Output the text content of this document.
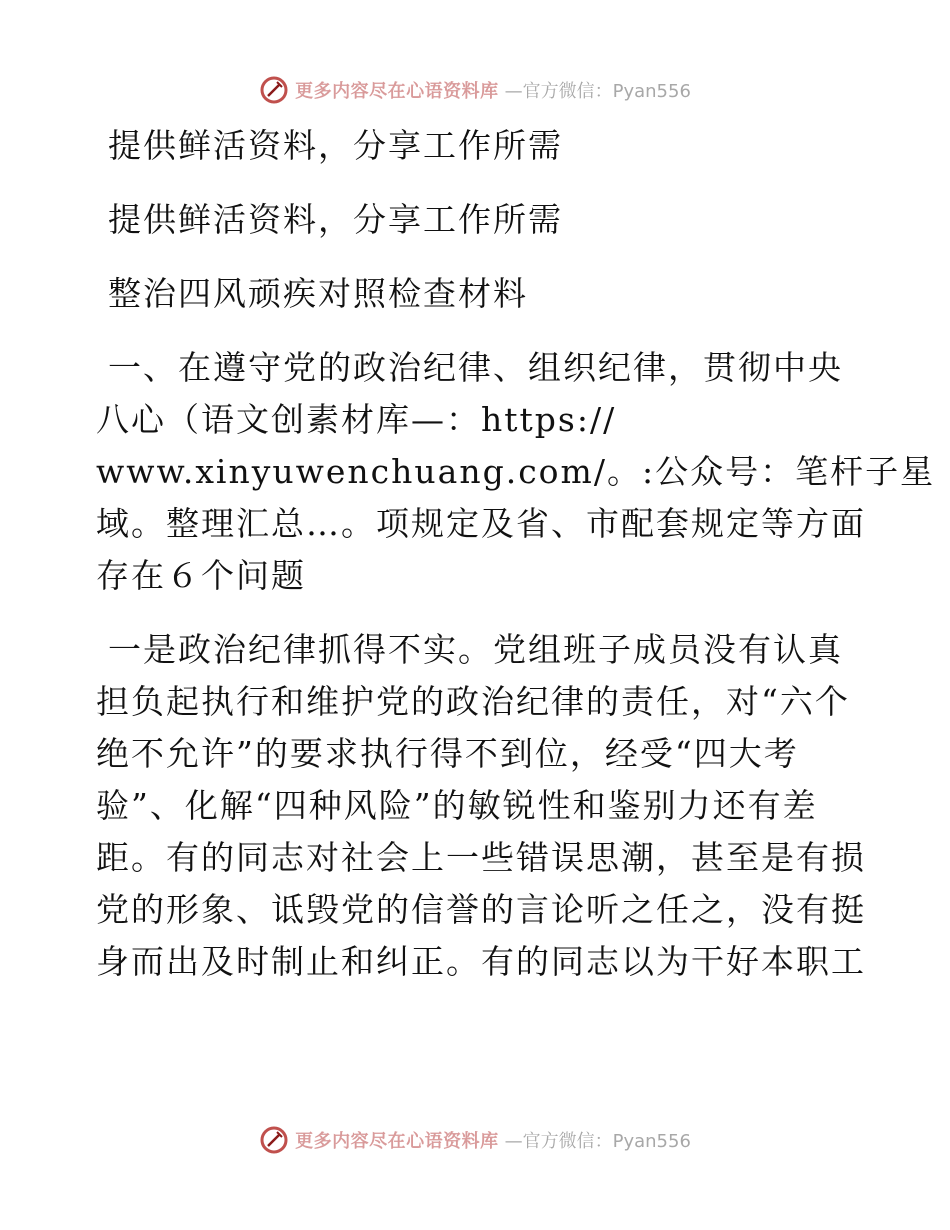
更多内容尽在心语资料库 —官方微信：Pyan556
提供鲜活资料，分享工作所需
提供鲜活资料，分享工作所需
整治四风顽疾对照检查材料
一、在遵守党的政治纪律、组织纪律，贯彻中央
八心（语文创素材库—：https://
www.xinyuwenchuang.com/。:公众号：笔杆子星
域。整理汇总…。项规定及省、市配套规定等方面
存在６个问题
一是政治纪律抓得不实。党组班子成员没有认真
担负起执行和维护党的政治纪律的责任，对“六个
绝不允许”的要求执行得不到位，经受“四大考
验”、化解“四种风险”的敏锐性和鉴别力还有差
距。有的同志对社会上一些错误思潮，甚至是有损
党的形象、诋毁党的信誉的言论听之任之，没有挺
身而出及时制止和纠正。有的同志以为干好本职工
更多内容尽在心语资料库 —官方微信：Pyan556
